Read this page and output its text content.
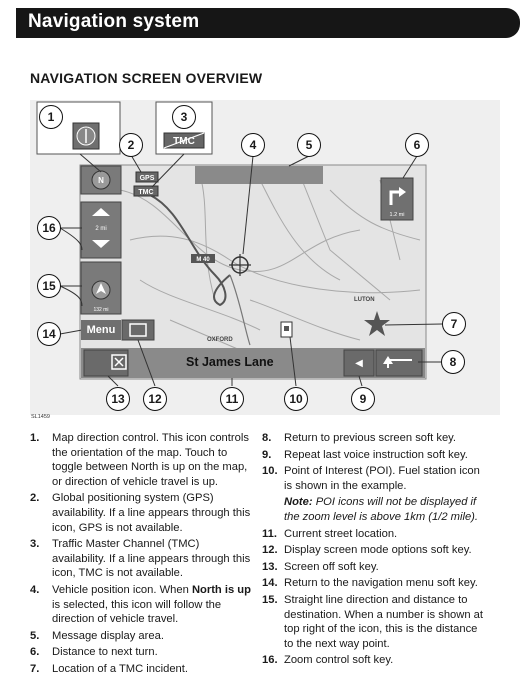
Navigation system
NAVIGATION SCREEN OVERVIEW
M 40
OXFORD
LUTON
1.2 mi
N
2 mi
132 mi
◀︎
GPS
TMC
TMC
Menu
St James Lane
1
2
3
4	5	6
7
8
9
10
11
12
13
14
15
16
SL1459
1. Map direction control. This icon controls the orientation of the map. Touch to toggle between North is up on the map, or direction of vehicle travel is up.
2. Global positioning system (GPS) availability. If a line appears through this icon, GPS is not available.
3. Traffic Master Channel (TMC) availability. If a line appears through this icon, TMC is not available.
4. Vehicle position icon. When North is up is selected, this icon will follow the direction of vehicle travel.
5. Message display area.
6. Distance to next turn.
7. Location of a TMC incident.
8. Return to previous screen soft key.
9. Repeat last voice instruction soft key.
10. Point of Interest (POI). Fuel station icon is shown in the example.
Note: POI icons will not be displayed if the zoom level is above 1km (1/2 mile).
11. Current street location.
12. Display screen mode options soft key.
13. Screen off soft key.
14. Return to the navigation menu soft key.
15. Straight line direction and distance to destination. When a number is shown at top right of the icon, this is the distance to the next way point.
16. Zoom control soft key.
